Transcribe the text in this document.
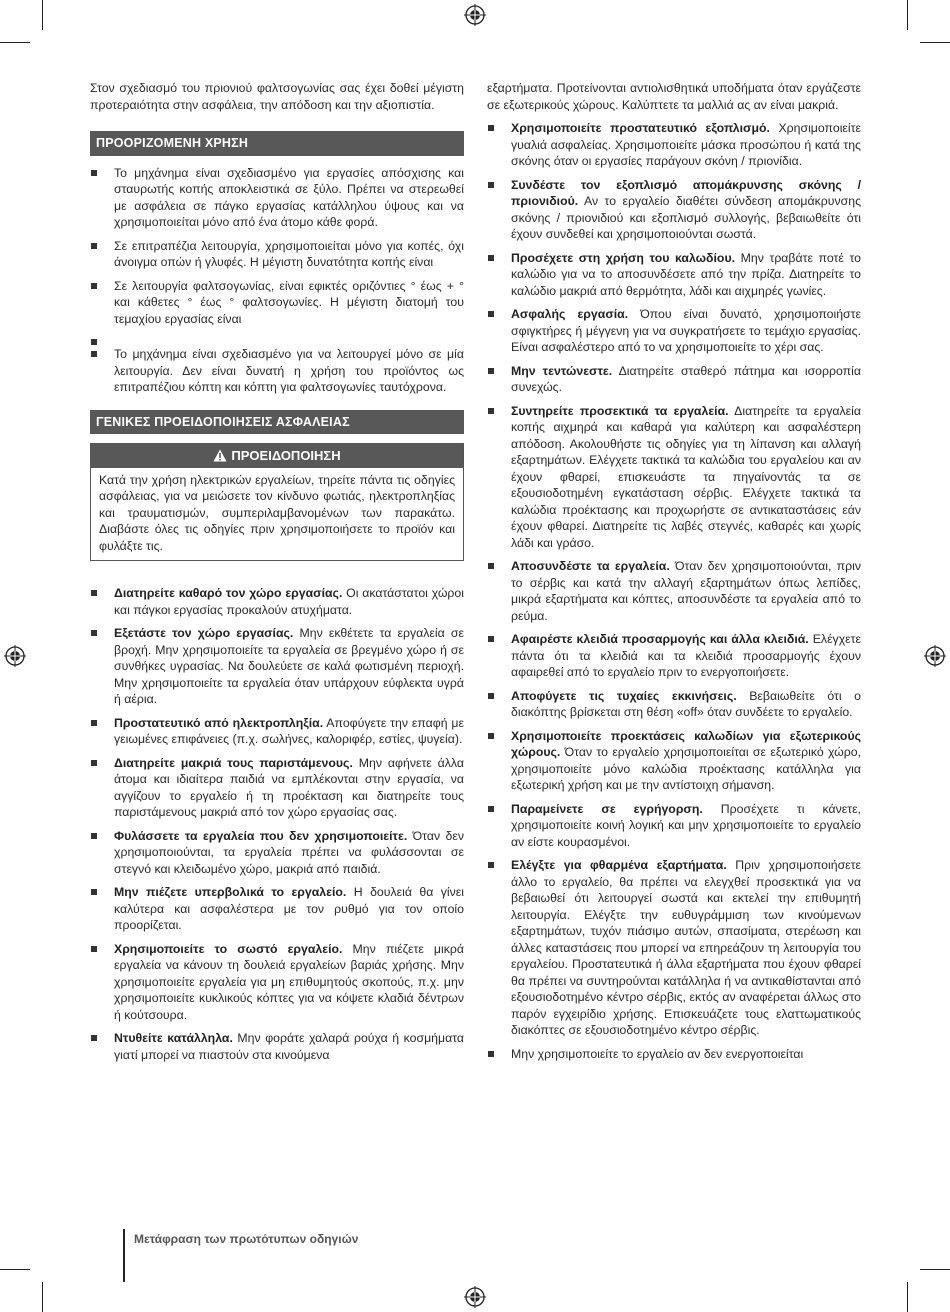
Στον σχεδιασμό του πριονιού φαλτσογωνίας σας έχει δοθεί μέγιστη προτεραιότητα στην ασφάλεια, την απόδοση και την αξιοπιστία.

ΠΡΟΟΡΙΖΟΜΕΝΗ ΧΡΗΣΗ
Το μηχάνημα είναι σχεδιασμένο για εργασίες απόσχισης και σταυρωτής κοπής αποκλειστικά σε ξύλο. Πρέπει να στερεωθεί με ασφάλεια σε πάγκο εργασίας κατάλληλου ύψους και να χρησιμοποιείται μόνο από ένα άτομο κάθε φορά.
Σε επιτραπέζια λειτουργία, χρησιμοποιείται μόνο για κοπές, όχι άνοιγμα οπών ή γλυφές. Η μέγιστη δυνατότητα κοπής είναι
Σε λειτουργία φαλτσογωνίας, είναι εφικτές οριζόντιες ° έως + ° και κάθετες ° έως ° φαλτσογωνίες. Η μέγιστη διατομή του τεμαχίου εργασίας είναι
Το μηχάνημα είναι σχεδιασμένο για να λειτουργεί μόνο σε μία λειτουργία. Δεν είναι δυνατή η χρήση του προϊόντος ως επιτραπέζιου κόπτη και κόπτη για φαλτσογωνίες ταυτόχρονα.
ΓΕΝΙΚΕΣ ΠΡΟΕΙΔΟΠΟΙΗΣΕΙΣ ΑΣΦΑΛΕΙΑΣ
ΠΡΟΕΙΔΟΠΟΙΗΣΗ
Κατά την χρήση ηλεκτρικών εργαλείων, τηρείτε πάντα τις οδηγίες ασφάλειας, για να μειώσετε τον κίνδυνο φωτιάς, ηλεκτροπληξίας και τραυματισμών, συμπεριλαμβανομένων των παρακάτω. Διαβάστε όλες τις οδηγίες πριν χρησιμοποιήσετε το προϊόν και φυλάξτε τις.
Διατηρείτε καθαρό τον χώρο εργασίας. Οι ακατάστατοι χώροι και πάγκοι εργασίας προκαλούν ατυχήματα.
Εξετάστε τον χώρο εργασίας. Μην εκθέτετε τα εργαλεία σε βροχή. Μην χρησιμοποιείτε τα εργαλεία σε βρεγμένο χώρο ή σε συνθήκες υγρασίας. Να δουλεύετε σε καλά φωτισμένη περιοχή. Μην χρησιμοποιείτε τα εργαλεία όταν υπάρχουν εύφλεκτα υγρά ή αέρια.
Προστατευτικό από ηλεκτροπληξία. Αποφύγετε την επαφή με γειωμένες επιφάνειες (π.χ. σωλήνες, καλοριφέρ, εστίες, ψυγεία).
Διατηρείτε μακριά τους παριστάμενους. Μην αφήνετε άλλα άτομα και ιδιαίτερα παιδιά να εμπλέκονται στην εργασία, να αγγίζουν το εργαλείο ή τη προέκταση και διατηρείτε τους παριστάμενους μακριά από τον χώρο εργασίας σας.
Φυλάσσετε τα εργαλεία που δεν χρησιμοποιείτε. Όταν δεν χρησιμοποιούνται, τα εργαλεία πρέπει να φυλάσσονται σε στεγνό και κλειδωμένο χώρο, μακριά από παιδιά.
Μην πιέζετε υπερβολικά το εργαλείο. Η δουλειά θα γίνει καλύτερα και ασφαλέστερα με τον ρυθμό για τον οποίο προορίζεται.
Χρησιμοποιείτε το σωστό εργαλείο. Μην πιέζετε μικρά εργαλεία να κάνουν τη δουλειά εργαλείων βαριάς χρήσης. Μην χρησιμοποιείτε εργαλεία για μη επιθυμητούς σκοπούς, π.χ. μην χρησιμοποιείτε κυκλικούς κόπτες για να κόψετε κλαδιά δέντρων ή κούτσουρα.
Ντυθείτε κατάλληλα. Μην φοράτε χαλαρά ρούχα ή κοσμήματα γιατί μπορεί να πιαστούν στα κινούμενα

εξαρτήματα. Προτείνονται αντιολισθητικά υποδήματα όταν εργάζεστε σε εξωτερικούς χώρους. Καλύπτετε τα μαλλιά ας αν είναι μακριά.

Χρησιμοποιείτε προστατευτικό εξοπλισμό. Χρησιμοποιείτε γυαλιά ασφαλείας. Χρησιμοποιείτε μάσκα προσώπου ή κατά της σκόνης όταν οι εργασίες παράγουν σκόνη / πριονίδια.
Συνδέστε τον εξοπλισμό απομάκρυνσης σκόνης / πριονιδιού. Αν το εργαλείο διαθέτει σύνδεση απομάκρυνσης σκόνης / πριονιδιού και εξοπλισμό συλλογής, βεβαιωθείτε ότι έχουν συνδεθεί και χρησιμοποιούνται σωστά.
Προσέχετε στη χρήση του καλωδίου. Μην τραβάτε ποτέ το καλώδιο για να το αποσυνδέσετε από την πρίζα. Διατηρείτε το καλώδιο μακριά από θερμότητα, λάδι και αιχμηρές γωνίες.
Ασφαλής εργασία. Όπου είναι δυνατό, χρησιμοποιήστε σφιγκτήρες ή μέγγενη για να συγκρατήσετε το τεμάχιο εργασίας. Είναι ασφαλέστερο από το να χρησιμοποιείτε το χέρι σας.
Μην τεντώνεστε. Διατηρείτε σταθερό πάτημα και ισορροπία συνεχώς.
Συντηρείτε προσεκτικά τα εργαλεία. Διατηρείτε τα εργαλεία κοπής αιχμηρά και καθαρά για καλύτερη και ασφαλέστερη απόδοση. Ακολουθήστε τις οδηγίες για τη λίπανση και αλλαγή εξαρτημάτων. Ελέγχετε τακτικά τα καλώδια του εργαλείου και αν έχουν φθαρεί, επισκευάστε τα πηγαίνοντάς τα σε εξουσιοδοτημένη εγκατάσταση σέρβις. Ελέγχετε τακτικά τα καλώδια προέκτασης και προχωρήστε σε αντικαταστάσεις εάν έχουν φθαρεί. Διατηρείτε τις λαβές στεγνές, καθαρές και χωρίς λάδι και γράσο.
Αποσυνδέστε τα εργαλεία. Όταν δεν χρησιμοποιούνται, πριν το σέρβις και κατά την αλλαγή εξαρτημάτων όπως λεπίδες, μικρά εξαρτήματα και κόπτες, αποσυνδέστε τα εργαλεία από το ρεύμα.
Αφαιρέστε κλειδιά προσαρμογής και άλλα κλειδιά. Ελέγχετε πάντα ότι τα κλειδιά και τα κλειδιά προσαρμογής έχουν αφαιρεθεί από το εργαλείο πριν το ενεργοποιήσετε.
Αποφύγετε τις τυχαίες εκκινήσεις. Βεβαιωθείτε ότι ο διακόπτης βρίσκεται στη θέση «off» όταν συνδέετε το εργαλείο.
Χρησιμοποιείτε προεκτάσεις καλωδίων για εξωτερικούς χώρους. Όταν το εργαλείο χρησιμοποιείται σε εξωτερικό χώρο, χρησιμοποιείτε μόνο καλώδια προέκτασης κατάλληλα για εξωτερική χρήση και με την αντίστοιχη σήμανση.
Παραμείνετε σε εγρήγορση. Προσέχετε τι κάνετε, χρησιμοποιείτε κοινή λογική και μην χρησιμοποιείτε το εργαλείο αν είστε κουρασμένοι.
Ελέγξτε για φθαρμένα εξαρτήματα. Πριν χρησιμοποιήσετε άλλο το εργαλείο, θα πρέπει να ελεγχθεί προσεκτικά για να βεβαιωθεί ότι λειτουργεί σωστά και εκτελεί την επιθυμητή λειτουργία. Ελέγξτε την ευθυγράμμιση των κινούμενων εξαρτημάτων, τυχόν πιάσιμο αυτών, σπασίματα, στερέωση και άλλες καταστάσεις που μπορεί να επηρεάζουν τη λειτουργία του εργαλείου. Προστατευτικά ή άλλα εξαρτήματα που έχουν φθαρεί θα πρέπει να συντηρούνται κατάλληλα ή να αντικαθίστανται από εξουσιοδοτημένο κέντρο σέρβις, εκτός αν αναφέρεται άλλως στο παρόν εγχειρίδιο χρήσης. Επισκευάζετε τους ελαττωματικούς διακόπτες σε εξουσιοδοτημένο κέντρο σέρβις.
Μην χρησιμοποιείτε το εργαλείο αν δεν ενεργοποιείται
Μετάφραση των πρωτότυπων οδηγιών
